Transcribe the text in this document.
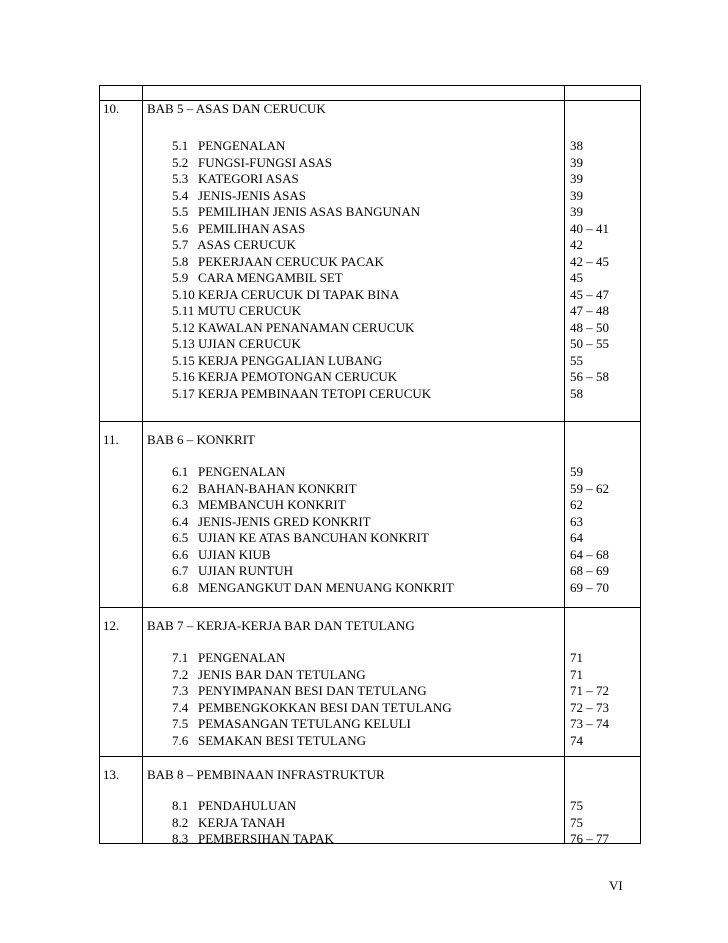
10. BAB 5 – ASAS DAN CERUCUK
5.1   PENGENALAN	38
5.2   FUNGSI-FUNGSI ASAS	39
5.3   KATEGORI ASAS	39
5.4   JENIS-JENIS ASAS	39
5.5   PEMILIHAN JENIS ASAS BANGUNAN	39
5.6   PEMILIHAN ASAS	40 – 41
5.7   ASAS CERUCUK	42
5.8   PEKERJAAN CERUCUK PACAK	42 – 45
5.9   CARA MENGAMBIL SET	45
5.10 KERJA CERUCUK DI TAPAK BINA	45 – 47
5.11 MUTU CERUCUK	47 – 48
5.12 KAWALAN PENANAMAN CERUCUK	48 – 50
5.13 UJIAN CERUCUK	50 – 55
5.15 KERJA PENGGALIAN LUBANG	55
5.16 KERJA PEMOTONGAN CERUCUK	56 – 58
5.17 KERJA PEMBINAAN TETOPI CERUCUK	58
11. BAB 6 – KONKRIT
6.1   PENGENALAN	59
6.2   BAHAN-BAHAN KONKRIT	59 – 62
6.3   MEMBANCUH KONKRIT	62
6.4   JENIS-JENIS GRED KONKRIT	63
6.5   UJIAN KE ATAS BANCUHAN KONKRIT	64
6.6   UJIAN KIUB	64 – 68
6.7   UJIAN RUNTUH	68 – 69
6.8   MENGANGKUT DAN MENUANG KONKRIT	69 – 70
12. BAB 7 – KERJA-KERJA BAR DAN TETULANG
7.1   PENGENALAN	71
7.2   JENIS BAR DAN TETULANG	71
7.3   PENYIMPANAN BESI DAN TETULANG	71 – 72
7.4   PEMBENGKOKKAN BESI DAN TETULANG	72 – 73
7.5   PEMASANGAN TETULANG KELULI	73 – 74
7.6   SEMAKAN BESI TETULANG	74
13. BAB 8 – PEMBINAAN INFRASTRUKTUR
8.1   PENDAHULUAN	75
8.2   KERJA TANAH	75
8.3   PEMBERSIHAN TAPAK	76 – 77
VI
